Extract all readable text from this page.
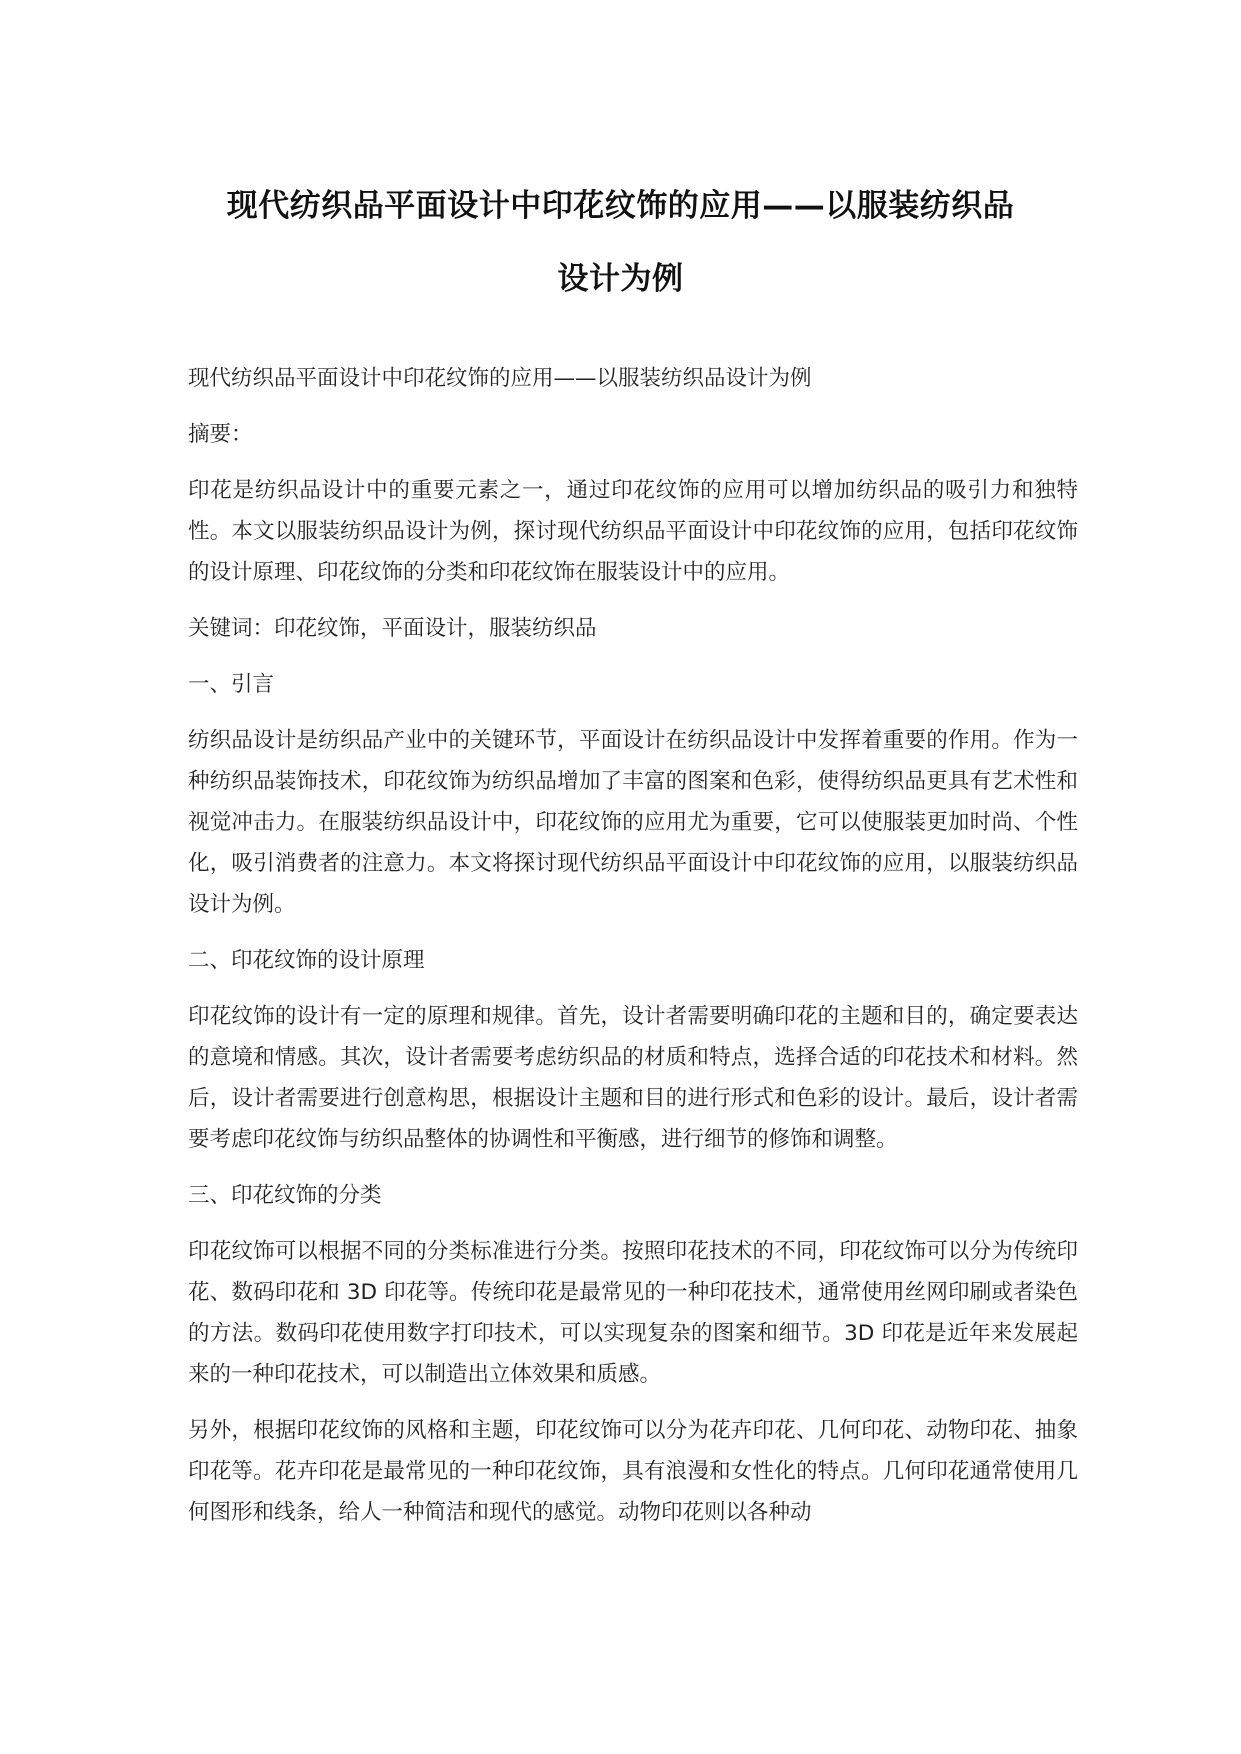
现代纺织品平面设计中印花纹饰的应用——以服装纺织品
设计为例

现代纺织品平面设计中印花纹饰的应用——以服装纺织品设计为例

摘要：

印花是纺织品设计中的重要元素之一，通过印花纹饰的应用可以增加纺织品的吸引力和独特性。本文以服装纺织品设计为例，探讨现代纺织品平面设计中印花纹饰的应用，包括印花纹饰的设计原理、印花纹饰的分类和印花纹饰在服装设计中的应用。

关键词：印花纹饰，平面设计，服装纺织品

一、引言

纺织品设计是纺织品产业中的关键环节，平面设计在纺织品设计中发挥着重要的作用。作为一种纺织品装饰技术，印花纹饰为纺织品增加了丰富的图案和色彩，使得纺织品更具有艺术性和视觉冲击力。在服装纺织品设计中，印花纹饰的应用尤为重要，它可以使服装更加时尚、个性化，吸引消费者的注意力。本文将探讨现代纺织品平面设计中印花纹饰的应用，以服装纺织品设计为例。

二、印花纹饰的设计原理

印花纹饰的设计有一定的原理和规律。首先，设计者需要明确印花的主题和目的，确定要表达的意境和情感。其次，设计者需要考虑纺织品的材质和特点，选择合适的印花技术和材料。然后，设计者需要进行创意构思，根据设计主题和目的进行形式和色彩的设计。最后，设计者需要考虑印花纹饰与纺织品整体的协调性和平衡感，进行细节的修饰和调整。

三、印花纹饰的分类

印花纹饰可以根据不同的分类标准进行分类。按照印花技术的不同，印花纹饰可以分为传统印花、数码印花和 3D 印花等。传统印花是最常见的一种印花技术，通常使用丝网印刷或者染色的方法。数码印花使用数字打印技术，可以实现复杂的图案和细节。3D 印花是近年来发展起来的一种印花技术，可以制造出立体效果和质感。

另外，根据印花纹饰的风格和主题，印花纹饰可以分为花卉印花、几何印花、动物印花、抽象印花等。花卉印花是最常见的一种印花纹饰，具有浪漫和女性化的特点。几何印花通常使用几何图形和线条，给人一种简洁和现代的感觉。动物印花则以各种动
